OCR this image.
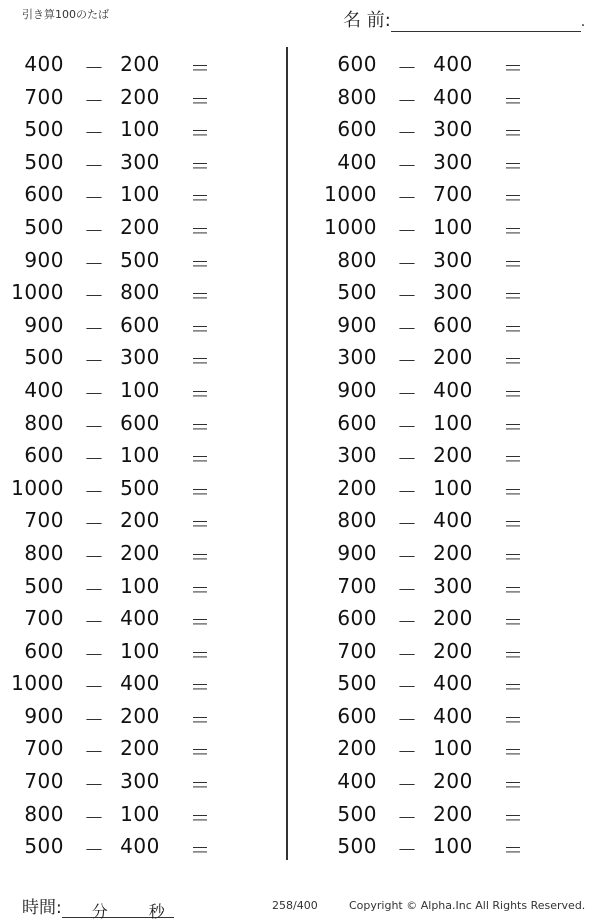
引き算100のたば	名 前:	.
400 － 200	＝
700 － 200	＝
500 － 100	＝
500 － 300	＝
600 － 100	＝
500 － 200	＝
900 － 500	＝
1000 － 800	＝
900 － 600	＝
500 － 300	＝
400 － 100	＝
800 － 600	＝
600 － 100	＝
1000 － 500	＝
700 － 200	＝
800 － 200	＝
500 － 100	＝
700 － 400	＝
600 － 100	＝
1000 － 400	＝
900 － 200	＝
700 － 200	＝
700 － 300	＝
800 － 100	＝
500 － 400	＝
600 － 400	＝
800 － 400	＝
600 － 300	＝
400 － 300	＝
1000 － 700	＝
1000 － 100	＝
800 － 300	＝
500 － 300	＝
900 － 600	＝
300 － 200	＝
900 － 400	＝
600 － 100	＝
300 － 200	＝
200 － 100	＝
800 － 400	＝
900 － 200	＝
700 － 300	＝
600 － 200	＝
700 － 200	＝
500 － 400	＝
600 － 400	＝
200 － 100	＝
400 － 200	＝
500 － 200	＝
500 － 100	＝
時間: 分	秒	258/400	Copyright © Alpha.Inc All Rights Reserved.
